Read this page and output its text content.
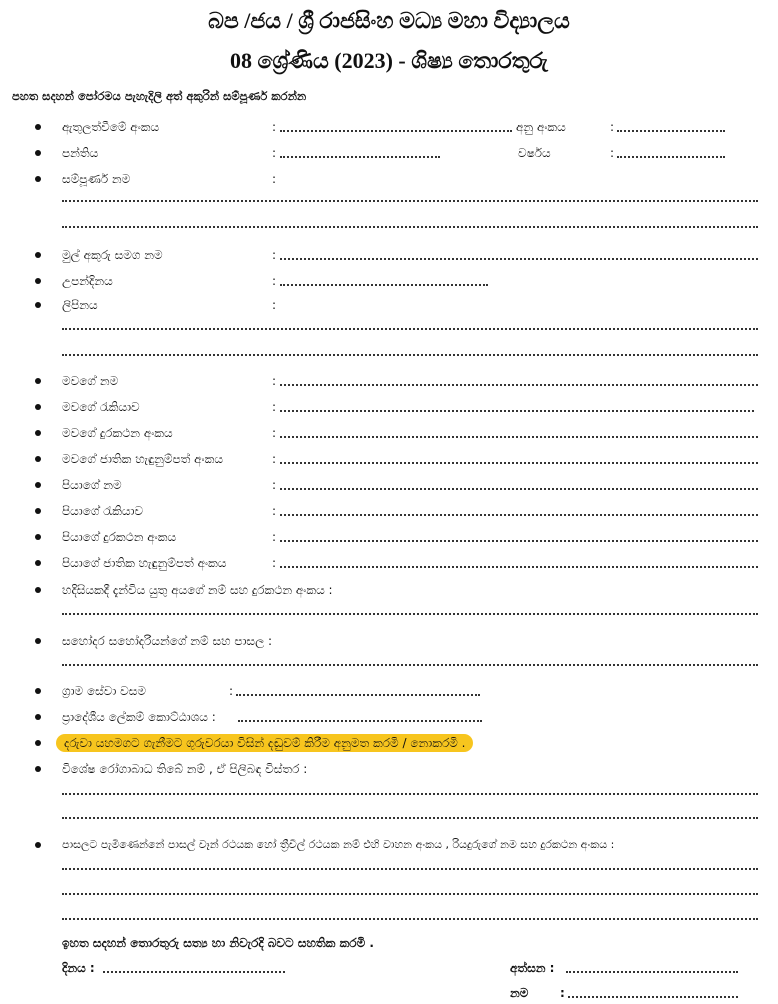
බප /ජය / ශ්‍රී රාජසිංහ මධ්‍ය මහා විද්‍යාලය
08 ශ්‍රේණිය (2023) - ශිෂ්‍ය තොරතුරු
පහත සදහන් පෝරමය පැහැදිලි අත් අකුරින් සම්පූර්ණ කරන්න
ඇතුලත්වීමේ අංකය	:	අනු අංකය	:
පන්තිය	:	වර්ෂය	:
සම්පූර්ණ නම	:
මුල් අකුරු සමග නම	:
උපන්දිනය	:
ලිපිනය	:
මවගේ නම	:
මවගේ රැකියාව	:
මවගේ දුරකථන අංකය	:
මවගේ ජාතික හැඳුනුම්පත් අංකය	:
පියාගේ නම	:
පියාගේ රැකියාව	:
පියාගේ දුරකථන අංකය	:
පියාගේ ජාතික හැඳුනුම්පත් අංකය	:
හදිසියකදී දැන්විය යුතු අයගේ නම් සහ දුරකථන අංකය :
සහෝදර සහෝදරියන්ගේ නම් සහ පාසල :
ග්‍රාම සේවා වසම	:
ප්‍රාදේශීය ලේකම් කොට්ඨාශය :
දරුවා යහමගට ගැනීමට ගුරුවරයා විසින් දඬුවම් කිරීම අනුමත කරමි / නොකරමි .
විශේෂ රෝගාබාධ තිබේ නම් , ඒ පිලිබඳ විස්තර :
පාසලට පැමිණෙන්නේ පාසල් වෑන් රථයක හෝ ත්‍රීවීල් රථයක නම් එහි වාහන අංකය , රියදුරුගේ නම සහ දුරකථන අංකය :
ඉහත සදහන් තොරතුරු සත්‍ය හා නිවැරදි බවට සහතික කරමි .
දිනය :	අත්සන :
නම	:
